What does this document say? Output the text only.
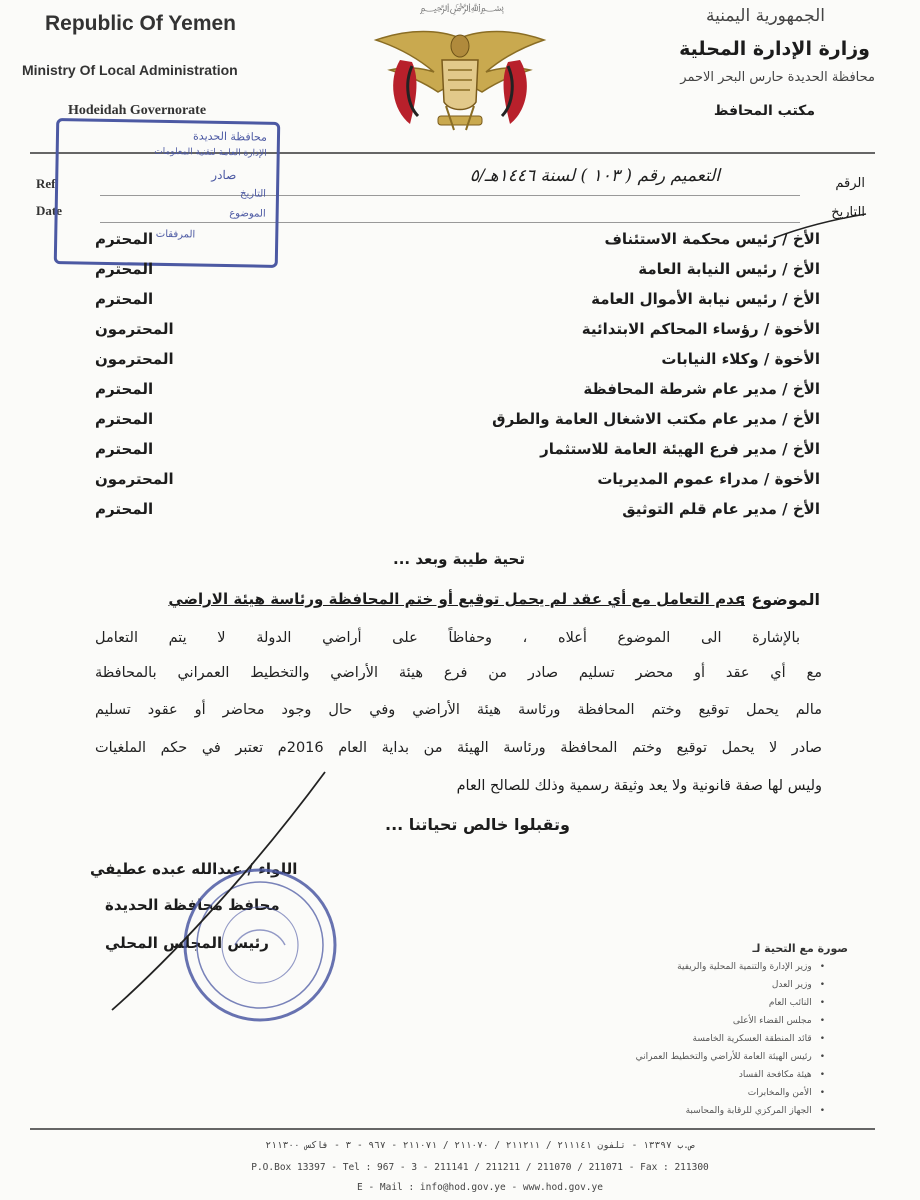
Republic Of Yemen
Ministry Of Local Administration
Hodeidah Governorate
﷽	الجمهورية اليمنية
وزارة الإدارة المحلية
محافظة الحديدة حارس البحر الاحمر
مكتب المحافظ
Ref
Date
الرقم
التاريخ
التعميم رقم ( ١٠٣ ) لسنة ١٤٤٦هـ/٥
محافظة الحديدة
الإدارة العامة لتقنية المعلومات
صادر
التاريخ
الموضوع
المرفقات	الأخ / رئيس محكمة الاستئناف
المحترم
الأخ / رئيس النيابة العامة
المحترم
الأخ / رئيس نيابة الأموال العامة
المحترم
الأخوة / رؤساء المحاكم الابتدائية
المحترمون
الأخوة / وكلاء النيابات
المحترمون
الأخ / مدير عام شرطة المحافظة
المحترم
الأخ / مدير عام مكتب الاشغال العامة والطرق
المحترم
الأخ / مدير فرع الهيئة العامة للاستثمار
المحترم
الأخوة / مدراء عموم المديريات
المحترمون
الأخ / مدير عام قلم التوثيق
المحترم
تحية طيبة وبعد ...
الموضوع :
عدم التعامل مع أي عقد لم يحمل توقيع أو ختم المحافظة ورئاسة هيئة الاراضي
بالإشارة الى الموضوع أعلاه ، وحفاظاً على أراضي الدولة لا يتم التعامل
مع أي عقد أو محضر تسليم صادر من فرع هيئة الأراضي والتخطيط العمراني بالمحافظة
مالم يحمل توقيع وختم المحافظة ورئاسة هيئة الأراضي وفي حال وجود محاضر أو عقود تسليم
صادر لا يحمل توقيع وختم المحافظة ورئاسة الهيئة من بداية العام 2016م تعتبر في حكم الملغيات
وليس لها صفة قانونية ولا يعد وثيقة رسمية وذلك للصالح العام
وتقبلوا خالص تحياتنا ...
اللواء / عبدالله عبده عطيفي
محافظ محافظة الحديدة
رئيس المجلس المحلي	صورة مع التحية لـ
• وزير الإدارة والتنمية المحلية والريفية
• وزير العدل
• النائب العام
• مجلس القضاء الأعلى
• قائد المنطقة العسكرية الخامسة
• رئيس الهيئة العامة للأراضي والتخطيط العمراني
• هيئة مكافحة الفساد
• الأمن والمخابرات
• الجهاز المركزي للرقابة والمحاسبة
ص.ب ١٣٣٩٧ - تلفون ٢١١١٤١ / ٢١١٢١١ / ٢١١٠٧٠ / ٢١١٠٧١ - ٩٦٧ - ٣ - فاكس ٢١١٣٠٠
P.O.Box 13397 - Tel : 967 - 3 - 211141 / 211211 / 211070 / 211071 - Fax : 211300
E - Mail : info@hod.gov.ye - www.hod.gov.ye
